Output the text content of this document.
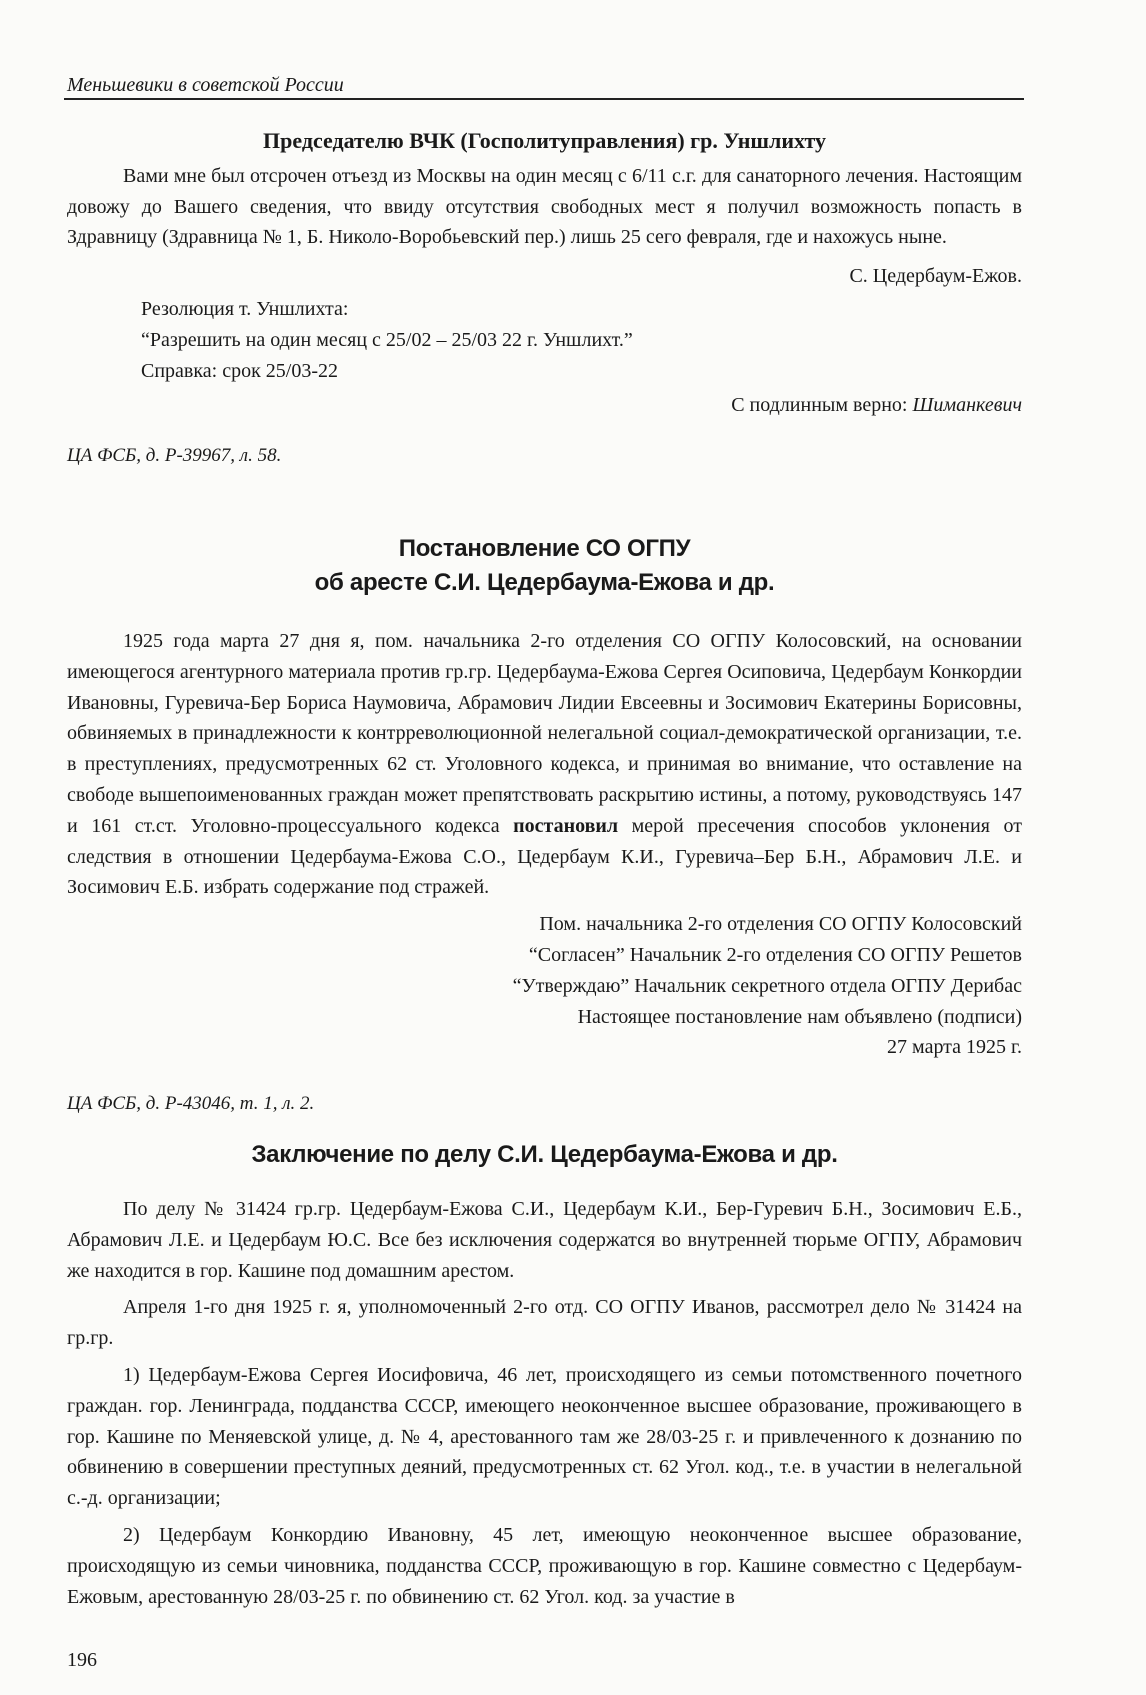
Меньшевики в советской России
Председателю ВЧК (Госполитуправления) гр. Уншлихту

Вами мне был отсрочен отъезд из Москвы на один месяц с 6/11 с.г. для санаторного лечения. Настоящим довожу до Вашего сведения, что ввиду отсутствия свободных мест я получил возможность попасть в Здравницу (Здравница № 1, Б. Николо-Воробьевский пер.) лишь 25 сего февраля, где и нахожусь ныне.

С. Цедербаум-Ежов.
Резолюция т. Уншлихта:
“Разрешить на один месяц с 25/02 – 25/03 22 г. Уншлихт.”
Справка: срок 25/03-22
С подлинным верно: Шиманкевич
ЦА ФСБ, д. Р-39967, л. 58.
Постановление СО ОГПУ
об аресте С.И. Цедербаума-Ежова и др.

1925 года марта 27 дня я, пом. начальника 2-го отделения СО ОГПУ Колосовский, на основании имеющегося агентурного материала против гр.гр. Цедербаума-Ежова Сергея Осиповича, Цедербаум Конкордии Ивановны, Гуревича-Бер Бориса Наумовича, Абрамович Лидии Евсеевны и Зосимович Екатерины Борисовны, обвиняемых в принадлежности к контрреволюционной нелегальной социал-демократической организации, т.е. в преступлениях, предусмотренных 62 ст. Уголовного кодекса, и принимая во внимание, что оставление на свободе вышепоименованных граждан может препятствовать раскрытию истины, а потому, руководствуясь 147 и 161 ст.ст. Уголовно-процессуального кодекса постановил мерой пресечения способов уклонения от следствия в отношении Цедербаума-Ежова С.О., Цедербаум К.И., Гуревича–Бер Б.Н., Абрамович Л.Е. и Зосимович Е.Б. избрать содержание под стражей.

Пом. начальника 2-го отделения СО ОГПУ Колосовский
“Согласен” Начальник 2-го отделения СО ОГПУ Решетов
“Утверждаю” Начальник секретного отдела ОГПУ Дерибас
Настоящее постановление нам объявлено (подписи)
27 марта 1925 г.
ЦА ФСБ, д. Р-43046, т. 1, л. 2.
Заключение по делу С.И. Цедербаума-Ежова и др.

По делу № 31424 гр.гр. Цедербаум-Ежова С.И., Цедербаум К.И., Бер-Гуревич Б.Н., Зосимович Е.Б., Абрамович Л.Е. и Цедербаум Ю.С. Все без исключения содержатся во внутренней тюрьме ОГПУ, Абрамович же находится в гор. Кашине под домашним арестом.

Апреля 1-го дня 1925 г. я, уполномоченный 2-го отд. СО ОГПУ Иванов, рассмотрел дело № 31424 на гр.гр.

1) Цедербаум-Ежова Сергея Иосифовича, 46 лет, происходящего из семьи потомственного почетного граждан. гор. Ленинграда, подданства СССР, имеющего неоконченное высшее образование, проживающего в гор. Кашине по Меняевской улице, д. № 4, арестованного там же 28/03-25 г. и привлеченного к дознанию по обвинению в совершении преступных деяний, предусмотренных ст. 62 Угол. код., т.е. в участии в нелегальной с.-д. организации;

2) Цедербаум Конкордию Ивановну, 45 лет, имеющую неоконченное высшее образование, происходящую из семьи чиновника, подданства СССР, проживающую в гор. Кашине совместно с Цедербаум-Ежовым, арестованную 28/03-25 г. по обвинению ст. 62 Угол. код. за участие в

196
